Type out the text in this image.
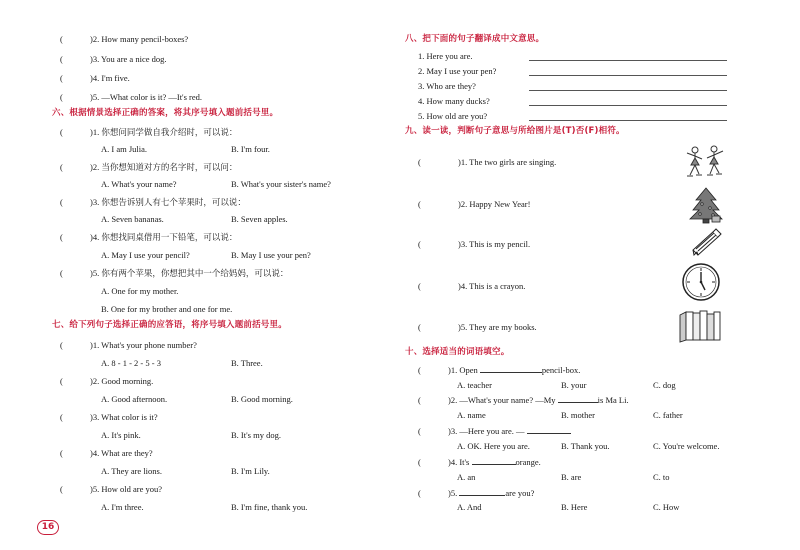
(	)2. How many pencil-boxes?
(	)3. You are a nice dog.
(	)4. I'm five.
(	)5. —What color is it? —It's red.
六、根据情景选择正确的答案，将其序号填入题前括号里。
(	)1. 你想问同学做自我介绍时，可以说：
A. I am Julia.	B. I'm four.
(	)2. 当你想知道对方的名字时，可以问：
A. What's your name?	B. What's your sister's name?
(	)3. 你想告诉别人有七个苹果时，可以说：
A. Seven bananas.	B. Seven apples.
(	)4. 你想找同桌借用一下铅笔，可以说：
A. May I use your pencil?	B. May I use your pen?
(	)5. 你有两个苹果，你想把其中一个给妈妈，可以说：
A. One for my mother.
B. One for my brother and one for me.
七、给下列句子选择正确的应答语，将序号填入题前括号里。
(	)1. What's your phone number?
A. 8 - 1 - 2 - 5 - 3	B. Three.
(	)2. Good morning.
A. Good afternoon.	B. Good morning.
(	)3. What color is it?
A. It's pink.	B. It's my dog.
(	)4. What are they?
A. They are lions.	B. I'm Lily.
(	)5. How old are you?
A. I'm three.	B. I'm fine, thank you.
16
八、把下面的句子翻译成中文意思。
1. Here you are.
2. May I use your pen?
3. Who are they?
4. How many ducks?
5. How old are you?
九、读一读，判断句子意思与所给图片是(T)否(F)相符。
(	)1. The two girls are singing.
(	)2. Happy New Year!
(	)3. This is my pencil.
(	)4. This is a crayon.
(	)5. They are my books.
十、选择适当的词语填空。
(	)1. Open	pencil-box.
A. teacher	B. your	C. dog
(	)2. —What's your name? —My	is Ma Li.
A. name	B. mother	C. father
(	)3. —Here you are. —
A. OK. Here you are.	B. Thank you.	C. You're welcome.
(	)4. It's	orange.
A. an	B. are	C. to
(	)5.	are you?
A. And	B. Here	C. How
